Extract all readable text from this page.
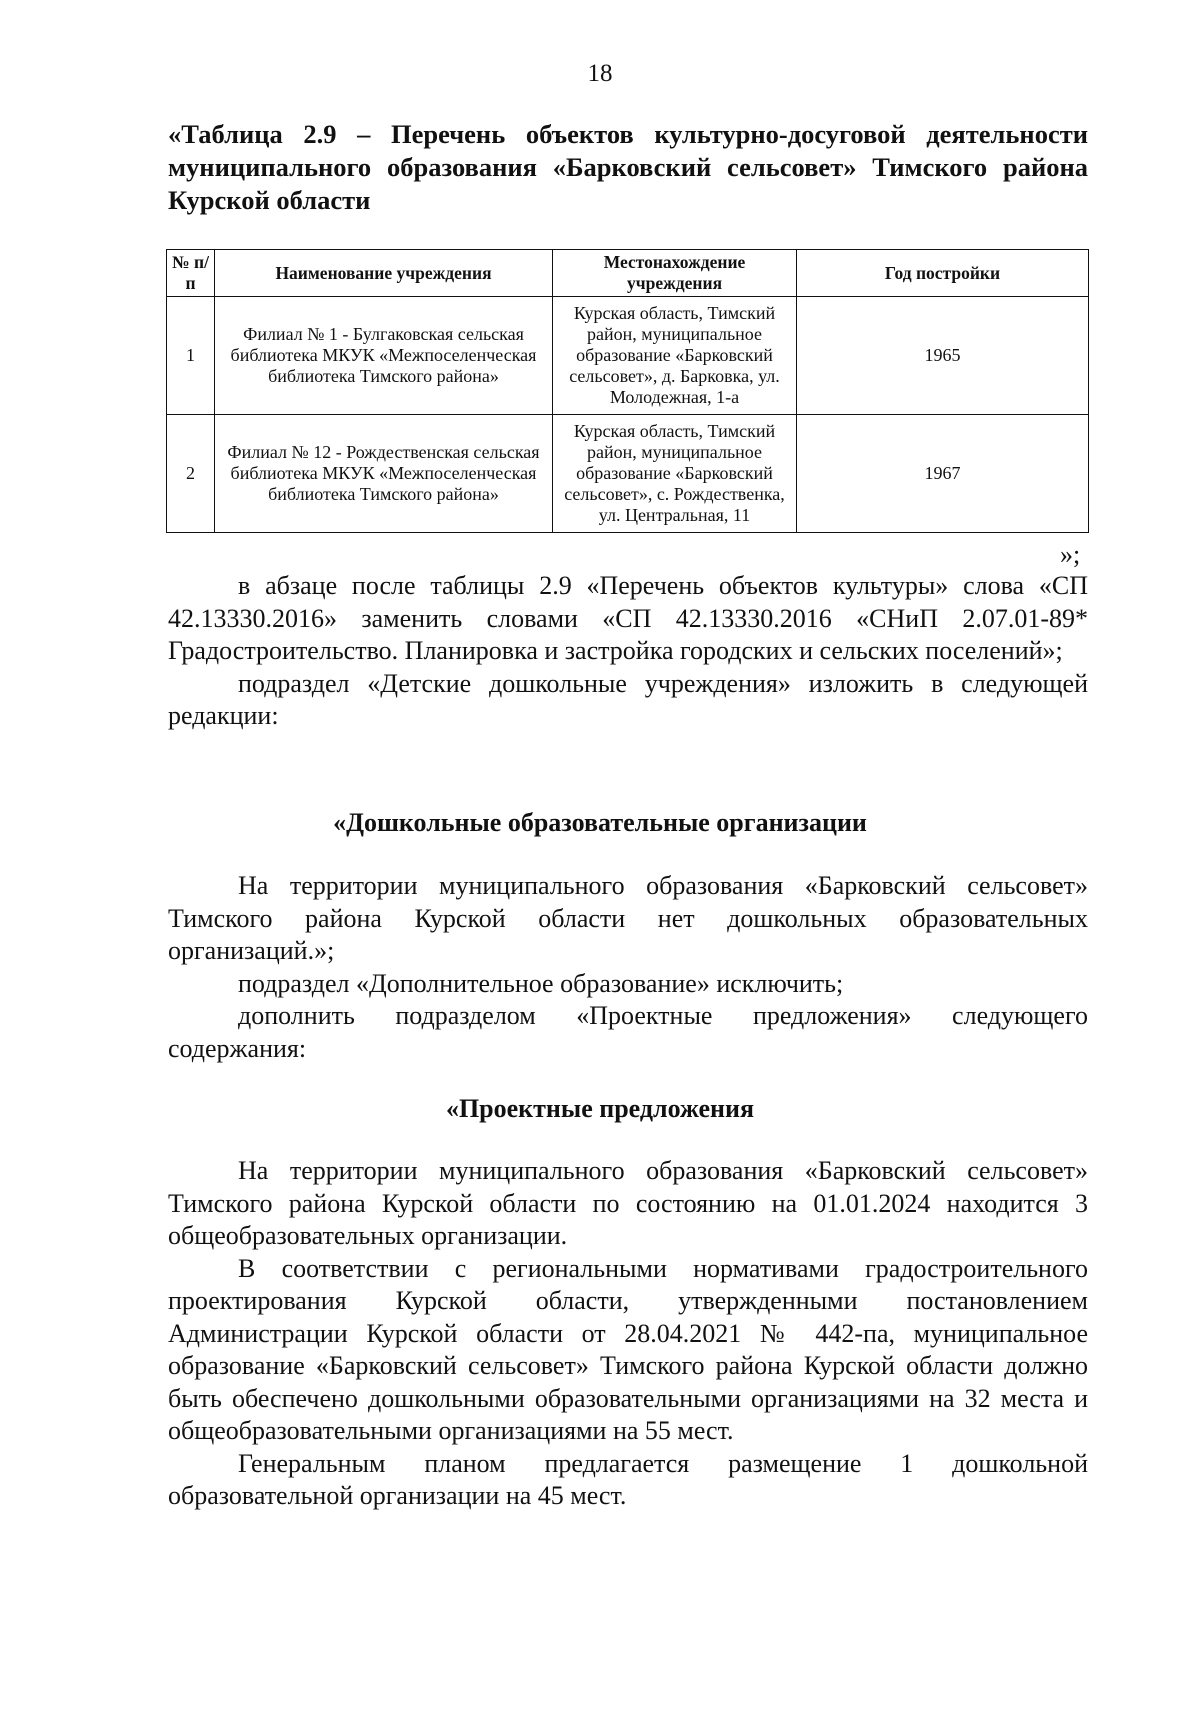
18
«Таблица 2.9 – Перечень объектов культурно-досуговой деятельности муниципального образования «Барковский сельсовет» Тимского района Курской области
№ п/п	Наименование учреждения	Местонахождение учреждения	Год постройки
1	Филиал № 1 - Булгаковская сельская библиотека МКУК «Межпоселенческая библиотека Тимского района»	Курская область, Тимский район, муниципальное образование «Барковский сельсовет», д. Барковка, ул. Молодежная, 1-а	1965
2	Филиал № 12 - Рождественская сельская библиотека МКУК «Межпоселенческая библиотека Тимского района»	Курская область, Тимский район, муниципальное образование «Барковский сельсовет», с. Рождественка, ул. Центральная, 11	1967
»;

в абзаце после таблицы 2.9 «Перечень объектов культуры» слова «СП 42.13330.2016» заменить словами «СП 42.13330.2016 «СНиП 2.07.01-89* Градостроительство. Планировка и застройка городских и сельских поселений»;

подраздел «Детские дошкольные учреждения» изложить в следующей редакции:

«Дошкольные образовательные организации

На территории муниципального образования «Барковский сельсовет» Тимского района Курской области нет дошкольных образовательных организаций.»;

подраздел «Дополнительное образование» исключить;

дополнить подразделом «Проектные предложения» следующего содержания:

«Проектные предложения

На территории муниципального образования «Барковский сельсовет» Тимского района Курской области по состоянию на 01.01.2024 находится 3 общеобразовательных организации.

В соответствии с региональными нормативами градостроительного проектирования Курской области, утвержденными постановлением Администрации Курской области от 28.04.2021 № 442-па, муниципальное образование «Барковский сельсовет» Тимского района Курской области должно быть обеспечено дошкольными образовательными организациями на 32 места и общеобразовательными организациями на 55 мест.

Генеральным планом предлагается размещение 1 дошкольной образовательной организации на 45 мест.
